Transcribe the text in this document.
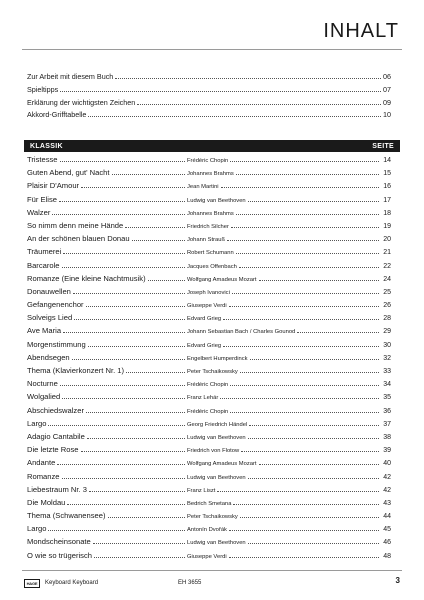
INHALT
Zur Arbeit mit diesem Buch	06
Spieltipps	07
Erklärung der wichtigsten Zeichen	09
Akkord-Grifftabelle	10
KLASSIK	SEITE
Tristesse	Frédéric Chopin	14
Guten Abend, gut' Nacht	Johannes Brahms	15
Plaisir D'Amour	Jean Martini	16
Für Elise	Ludwig van Beethoven	17
Walzer	Johannes Brahms	18
So nimm denn meine Hände	Friedrich Silcher	19
An der schönen blauen Donau	Johann Strauß	20
Träumerei	Robert Schumann	21
Barcarole	Jacques Offenbach	22
Romanze (Eine kleine Nachtmusik)	Wolfgang Amadeus Mozart	24
Donauwellen	Joseph Ivanovici	25
Gefangenenchor	Giuseppe Verdi	26
Solveigs Lied	Edvard Grieg	28
Ave Maria	Johann Sebastian Bach / Charles Gounod	29
Morgenstimmung	Edvard Grieg	30
Abendsegen	Engelbert Humperdinck	32
Thema (Klavierkonzert Nr. 1)	Peter Tschaikowsky	33
Nocturne	Frédéric Chopin	34
Wolgalied	Franz Lehár	35
Abschiedswalzer	Frédéric Chopin	36
Largo	Georg Friedrich Händel	37
Adagio Cantabile	Ludwig van Beethoven	38
Die letzte Rose	Friedrich von Flotow	39
Andante	Wolfgang Amadeus Mozart	40
Romanze	Ludwig van Beethoven	42
Liebestraum Nr. 3	Franz Liszt	42
Die Moldau	Bedrich Smetana	43
Thema (Schwanensee)	Peter Tschaikowsky	44
Largo	Antonín Dvořák	45
Mondscheinsonate	Ludwig van Beethoven	46
O wie so trügerisch	Giuseppe Verdi	48
HAGE	Keyboard Keyboard	EH 3655	3
